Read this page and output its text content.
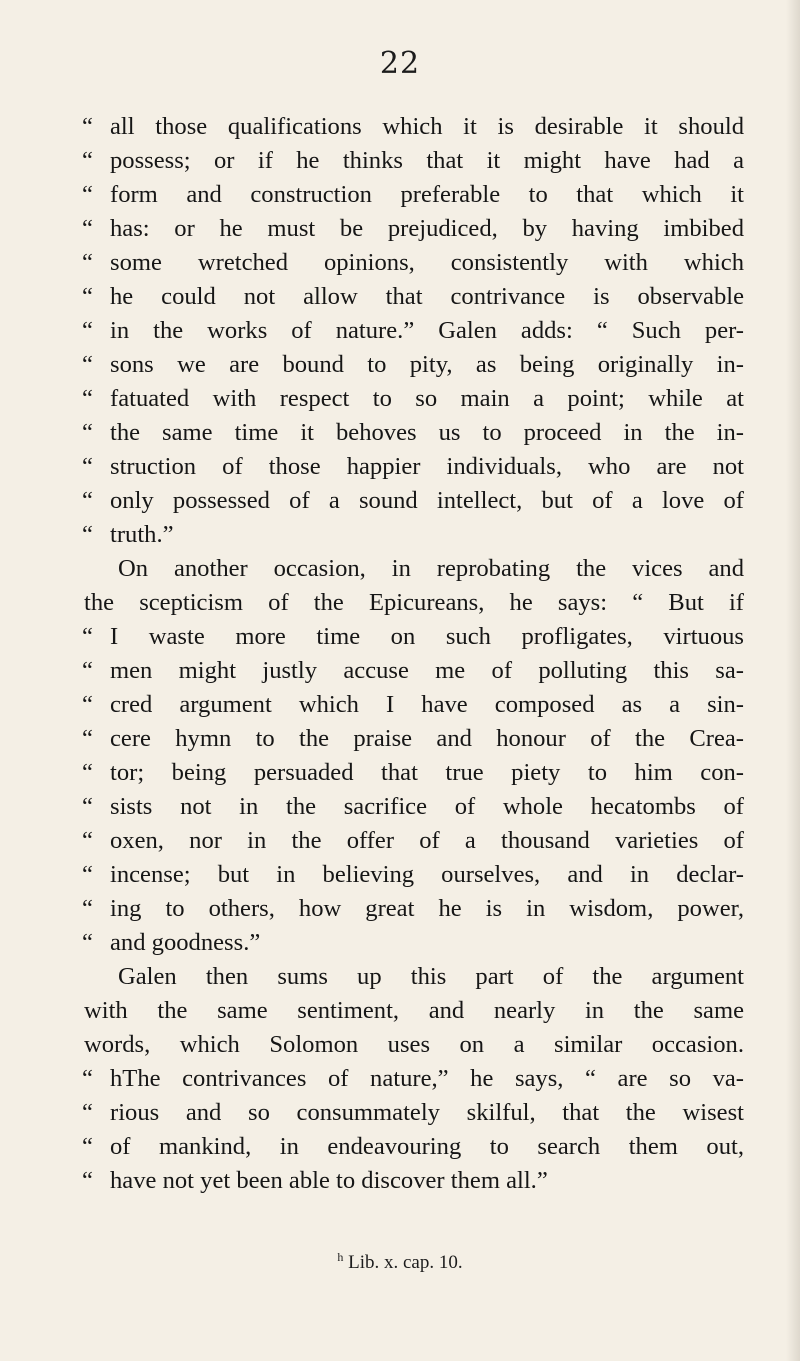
22
“ all those qualifications which it is desirable it should
“ possess; or if he thinks that it might have had a
“ form and construction preferable to that which it
“ has: or he must be prejudiced, by having imbibed
“ some wretched opinions, consistently with which
“ he could not allow that contrivance is observable
“ in the works of nature.” Galen adds: “ Such per-
“ sons we are bound to pity, as being originally in-
“ fatuated with respect to so main a point; while at
“ the same time it behoves us to proceed in the in-
“ struction of those happier individuals, who are not
“ only possessed of a sound intellect, but of a love of
“ truth.”
On another occasion, in reprobating the vices and
the scepticism of the Epicureans, he says: “ But if
“ I waste more time on such profligates, virtuous
“ men might justly accuse me of polluting this sa-
“ cred argument which I have composed as a sin-
“ cere hymn to the praise and honour of the Crea-
“ tor; being persuaded that true piety to him con-
“ sists not in the sacrifice of whole hecatombs of
“ oxen, nor in the offer of a thousand varieties of
“ incense; but in believing ourselves, and in declar-
“ ing to others, how great he is in wisdom, power,
“ and goodness.”
Galen then sums up this part of the argument
with the same sentiment, and nearly in the same
words, which Solomon uses on a similar occasion.
“ hThe contrivances of nature,” he says, “ are so va-
“ rious and so consummately skilful, that the wisest
“ of mankind, in endeavouring to search them out,
“ have not yet been able to discover them all.”
$^h$ Lib. x. cap. 10.
